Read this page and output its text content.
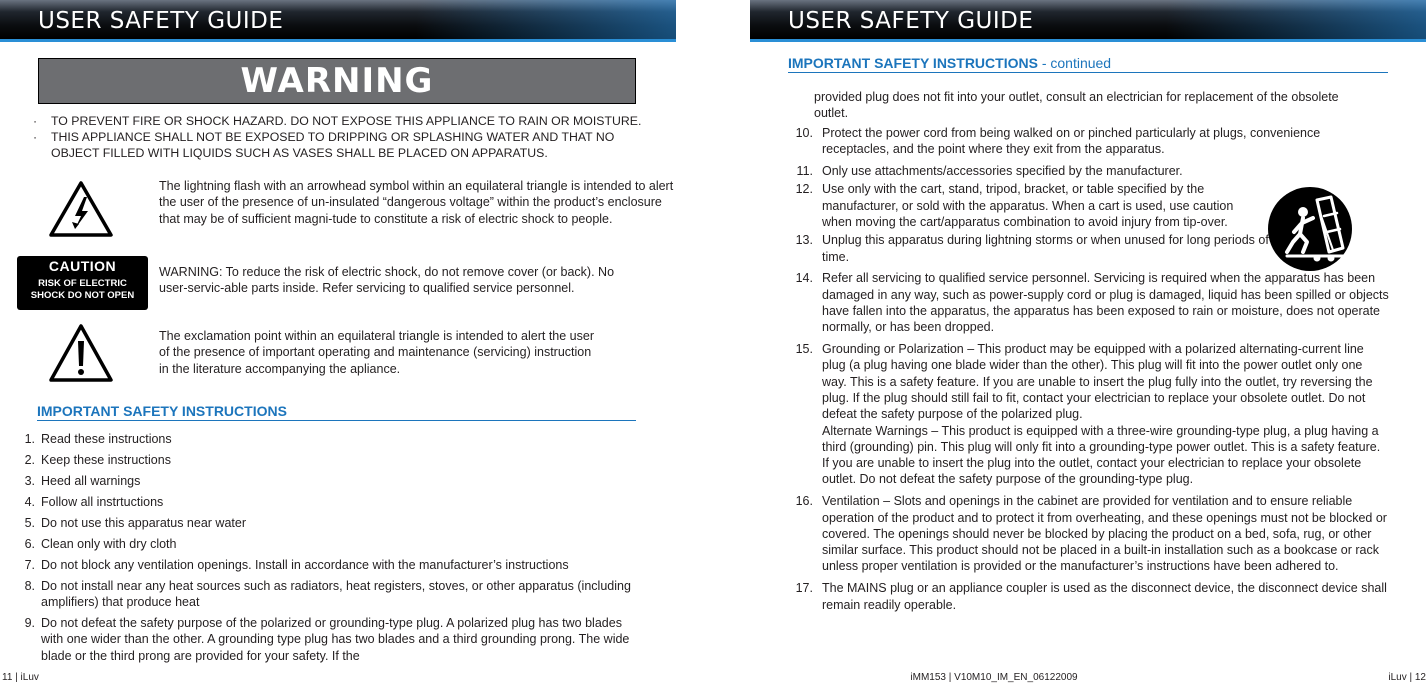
USER SAFETY GUIDE
WARNING
·	TO PREVENT FIRE OR SHOCK HAZARD. DO NOT EXPOSE THIS APPLIANCE TO RAIN OR MOISTURE.
·	THIS APPLIANCE SHALL NOT BE EXPOSED TO DRIPPING OR SPLASHING WATER AND THAT NO OBJECT FILLED WITH LIQUIDS SUCH AS VASES SHALL BE PLACED ON APPARATUS.
The lightning flash with an arrowhead symbol within an equilateral triangle is intended to alert the user of the presence of un-insulated “dangerous voltage” within the product’s enclosure that may be of sufficient magni-tude to constitute a risk of electric shock to people.
CAUTION
RISK OF ELECTRIC
SHOCK DO NOT OPEN
WARNING: To reduce the risk of electric shock, do not remove cover (or back). No user-servic-able parts inside. Refer servicing to qualified service personnel.
The exclamation point within an equilateral triangle is intended to alert the user of the presence of important operating and maintenance (servicing) instruction in the literature accompanying the apliance.
IMPORTANT SAFETY INSTRUCTIONS
1. Read these instructions
2. Keep these instructions
3. Heed all warnings
4. Follow all instrtuctions
5. Do not use this apparatus near water
6. Clean only with dry cloth
7. Do not block any ventilation openings. Install in accordance with the manufacturer’s instructions
8. Do not install near any heat sources such as radiators, heat registers, stoves, or other apparatus (including amplifiers) that produce heat
9. Do not defeat the safety purpose of the polarized or grounding-type plug. A polarized plug has two blades with one wider than the other. A grounding type plug has two blades and a third grounding prong. The wide blade or the third prong are provided for your safety. If the
11 | iLuv
USER SAFETY GUIDE
IMPORTANT SAFETY INSTRUCTIONS - continued
provided plug does not fit into your outlet, consult an electrician for replacement of the obsolete outlet.
10. Protect the power cord from being walked on or pinched particularly at plugs, convenience receptacles, and the point where they exit from the apparatus.
11. Only use attachments/accessories specified by the manufacturer.
12. Use only with the cart, stand, tripod, bracket, or table specified by the manufacturer, or sold with the apparatus. When a cart is used, use caution when moving the cart/apparatus combination to avoid injury from tip-over.
13. Unplug this apparatus during lightning storms or when unused for long periods of time.
14. Refer all servicing to qualified service personnel. Servicing is required when the apparatus has been damaged in any way, such as power-supply cord or plug is damaged, liquid has been spilled or objects have fallen into the apparatus, the apparatus has been exposed to rain or moisture, does not operate normally, or has been dropped.
15. Grounding or Polarization – This product may be equipped with a polarized alternating-current line plug (a plug having one blade wider than the other). This plug will fit into the power outlet only one way. This is a safety feature. If you are unable to insert the plug fully into the outlet, try reversing the plug. If the plug should still fail to fit, contact your electrician to replace your obsolete outlet. Do not defeat the safety purpose of the polarized plug.
Alternate Warnings – This product is equipped with a three-wire grounding-type plug, a plug having a third (grounding) pin. This plug will only fit into a grounding-type power outlet. This is a safety feature. If you are unable to insert the plug into the outlet, contact your electrician to replace your obsolete outlet. Do not defeat the safety purpose of the grounding-type plug.
16. Ventilation – Slots and openings in the cabinet are provided for ventilation and to ensure reliable operation of the product and to protect it from overheating, and these openings must not be blocked or covered. The openings should never be blocked by placing the product on a bed, sofa, rug, or other similar surface. This product should not be placed in a built-in installation such as a bookcase or rack unless proper ventilation is provided or the manufacturer’s instructions have been adhered to.
17. The MAINS plug or an appliance coupler is used as the disconnect device, the disconnect device shall remain readily operable.
iMM153 | V10M10_IM_EN_06122009	iLuv | 12
